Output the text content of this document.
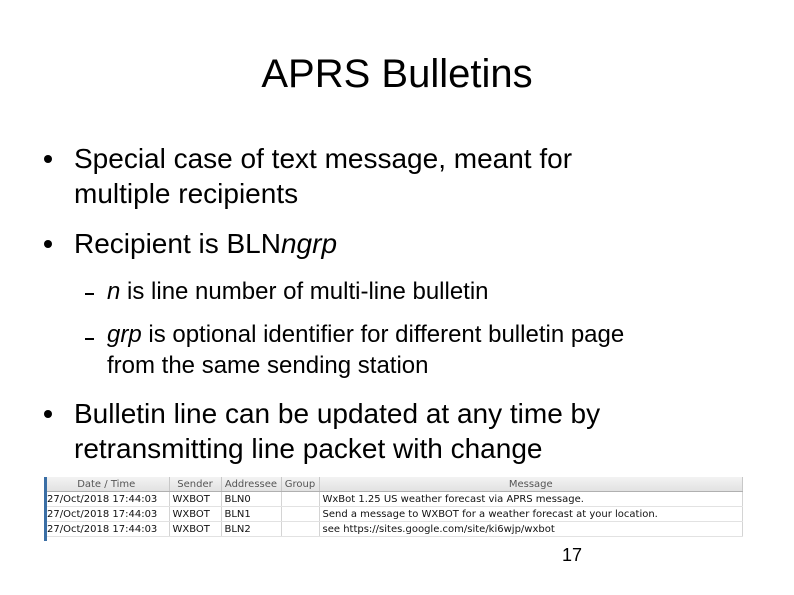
APRS Bulletins
Special case of text message, meant for
multiple recipients
Recipient is BLNngrp
n is line number of multi-line bulletin
grp is optional identifier for different bulletin page
from the same sending station
Bulletin line can be updated at any time by
retransmitting line packet with change
Date / Time	Sender	Addressee	Group	Message
27/Oct/2018 17:44:03	WXBOT	BLN0		WxBot 1.25 US weather forecast via APRS message.
27/Oct/2018 17:44:03	WXBOT	BLN1		Send a message to WXBOT for a weather forecast at your location.
27/Oct/2018 17:44:03	WXBOT	BLN2		see https://sites.google.com/site/ki6wjp/wxbot
17
